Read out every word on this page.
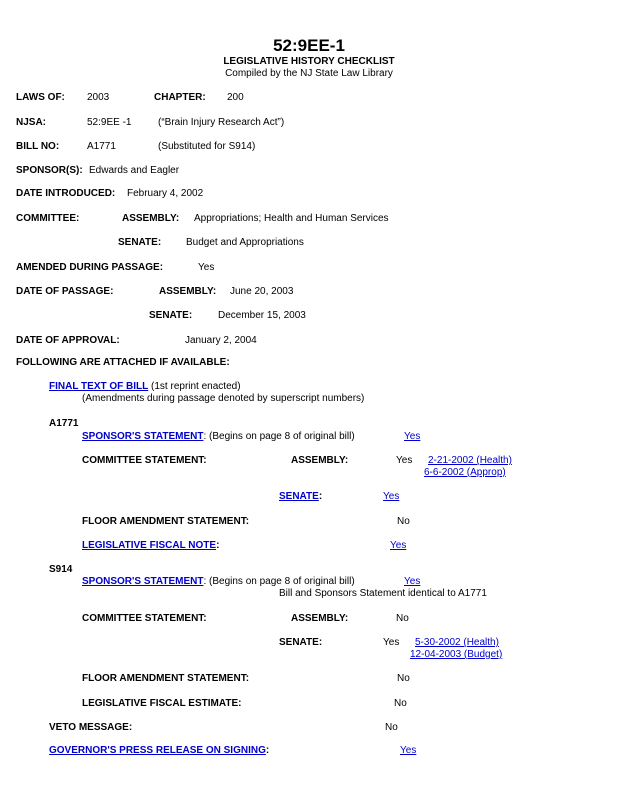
52:9EE-1
LEGISLATIVE HISTORY CHECKLIST
Compiled by the NJ State Law Library
LAWS OF: 2003	CHAPTER: 200
NJSA:	52:9EE -1	(“Brain Injury Research Act”)
BILL NO:	A1771	(Substituted for S914)
SPONSOR(S): Edwards and Eagler
DATE INTRODUCED: February 4, 2002
COMMITTEE:	ASSEMBLY: Appropriations; Health and Human Services
SENATE: Budget and Appropriations
AMENDED DURING PASSAGE:	Yes
DATE OF PASSAGE:	ASSEMBLY: June 20, 2003
SENATE:	December 15, 2003
DATE OF APPROVAL:	January 2, 2004
FOLLOWING ARE ATTACHED IF AVAILABLE:
FINAL TEXT OF BILL (1st reprint enacted)
(Amendments during passage denoted by superscript numbers)
A1771
SPONSOR'S STATEMENT: (Begins on page 8 of original bill)	Yes
COMMITTEE STATEMENT:	ASSEMBLY:	Yes 2-21-2002 (Health)
6-6-2002 (Approp)
SENATE:	Yes
FLOOR AMENDMENT STATEMENT:	No
LEGISLATIVE FISCAL NOTE:	Yes
S914
SPONSOR'S STATEMENT: (Begins on page 8 of original bill)	Yes
Bill and Sponsors Statement identical to A1771
COMMITTEE STATEMENT:	ASSEMBLY:	No
SENATE:	Yes 5-30-2002 (Health)
12-04-2003 (Budget)
FLOOR AMENDMENT STATEMENT:	No
LEGISLATIVE FISCAL ESTIMATE:	No
VETO MESSAGE:	No
GOVERNOR'S PRESS RELEASE ON SIGNING:	Yes
